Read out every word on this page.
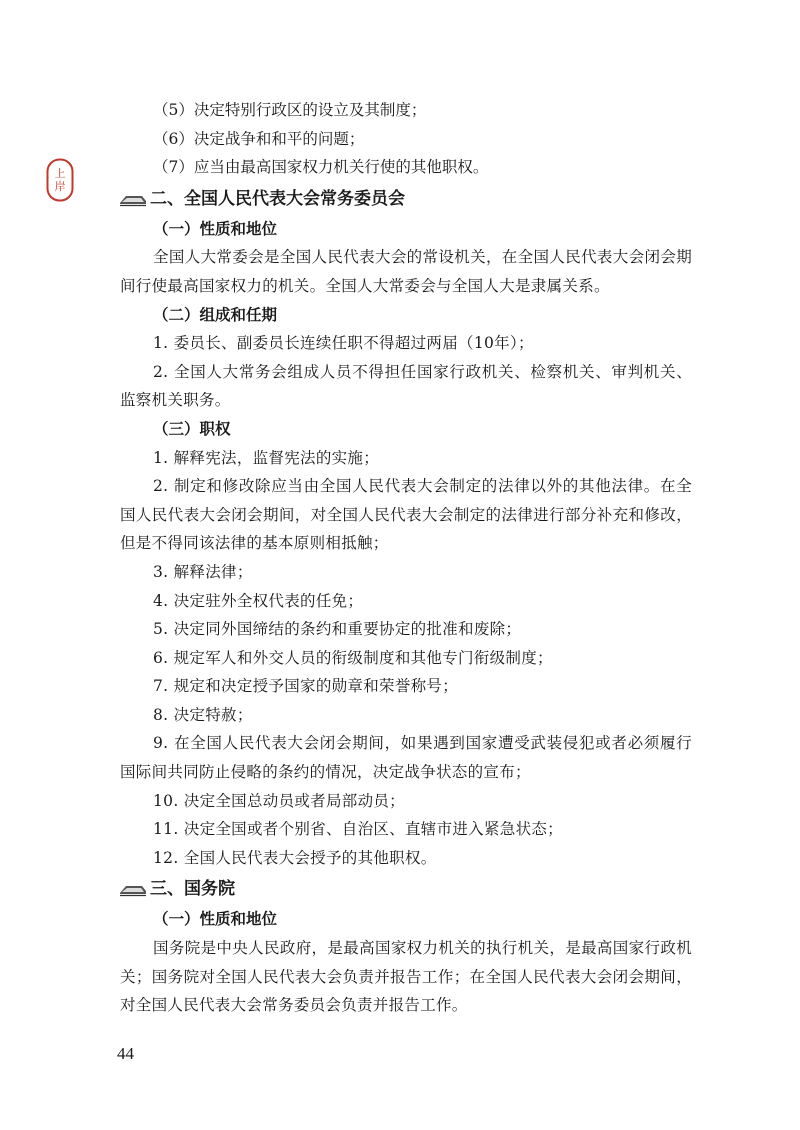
上
岸

（5）决定特别行政区的设立及其制度；

（6）决定战争和和平的问题；

（7）应当由最高国家权力机关行使的其他职权。

二、全国人民代表大会常务委员会

（一）性质和地位

全国人大常委会是全国人民代表大会的常设机关，在全国人民代表大会闭会期间行使最高国家权力的机关。全国人大常委会与全国人大是隶属关系。

（二）组成和任期

1. 委员长、副委员长连续任职不得超过两届（10年）；

2. 全国人大常务会组成人员不得担任国家行政机关、检察机关、审判机关、监察机关职务。

（三）职权

1. 解释宪法，监督宪法的实施；

2. 制定和修改除应当由全国人民代表大会制定的法律以外的其他法律。在全国人民代表大会闭会期间，对全国人民代表大会制定的法律进行部分补充和修改，但是不得同该法律的基本原则相抵触；

3. 解释法律；

4. 决定驻外全权代表的任免；

5. 决定同外国缔结的条约和重要协定的批准和废除；

6. 规定军人和外交人员的衔级制度和其他专门衔级制度；

7. 规定和决定授予国家的勋章和荣誉称号；

8. 决定特赦；

9. 在全国人民代表大会闭会期间，如果遇到国家遭受武装侵犯或者必须履行国际间共同防止侵略的条约的情况，决定战争状态的宣布；

10. 决定全国总动员或者局部动员；

11. 决定全国或者个别省、自治区、直辖市进入紧急状态；

12. 全国人民代表大会授予的其他职权。

三、国务院

（一）性质和地位

国务院是中央人民政府，是最高国家权力机关的执行机关，是最高国家行政机关；国务院对全国人民代表大会负责并报告工作；在全国人民代表大会闭会期间，对全国人民代表大会常务委员会负责并报告工作。

44
